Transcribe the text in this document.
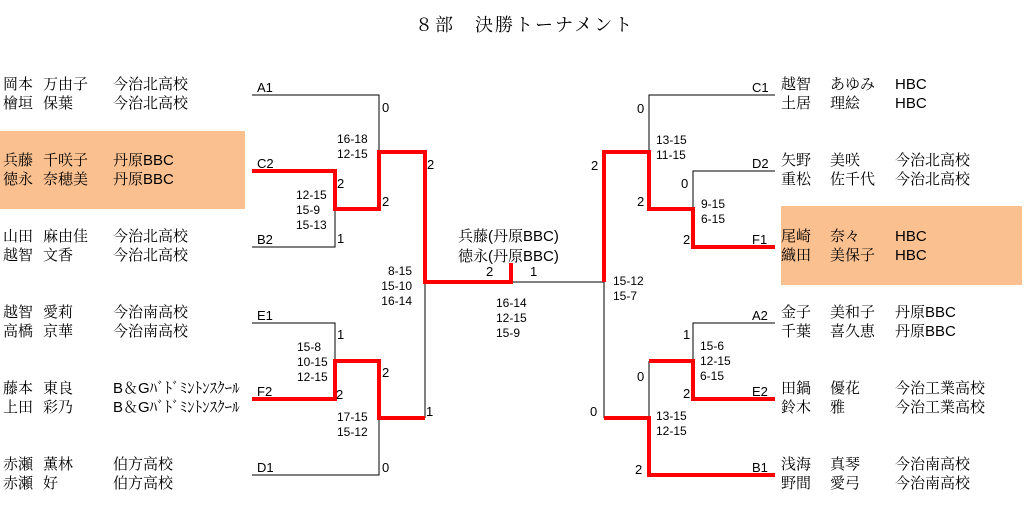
８部　決勝トーナメント
兵藤(丹原BBC)
徳永(丹原BBC)
岡本 万由子	今治北高校
檜垣 保葉	今治北高校
A1
兵藤 千咲子	丹原BBC
徳永 奈穂美	丹原BBC
C2
山田 麻由佳	今治北高校
越智 文香	今治北高校
B2
越智 愛莉	今治南高校
高橋 京華	今治南高校
E1
藤本 東良	B＆Gﾊﾞﾄﾞﾐﾝﾄﾝｽｸｰﾙ
上田 彩乃	B＆Gﾊﾞﾄﾞﾐﾝﾄﾝｽｸｰﾙ
F2
赤瀬 薫林	伯方高校
赤瀬 好	伯方高校
D1
越智	あゆみ	HBC
土居	理絵	HBC
C1
矢野	美咲	今治北高校
重松	佐千代	今治北高校
D2
尾崎	奈々	HBC
織田	美保子	HBC
F1
金子	美和子	丹原BBC
千葉	喜久恵	丹原BBC
A2
田鍋	優花	今治工業高校
鈴木	雅	今治工業高校
E2
浅海	真琴	今治南高校
野間	愛弓	今治南高校
B1
0
2
1
2
2
1
2
2
0
1
2	1
0
0
2
2
2
1
2
0
2
0
16-18
12-15
12-15
15-9
15-13
8-15
15-10
16-14
15-8
10-15
12-15
17-15
15-12
16-14
12-15
15-9
15-12
15-7
13-15
11-15
9-15
6-15
15-6
12-15
6-15
13-15
12-15
